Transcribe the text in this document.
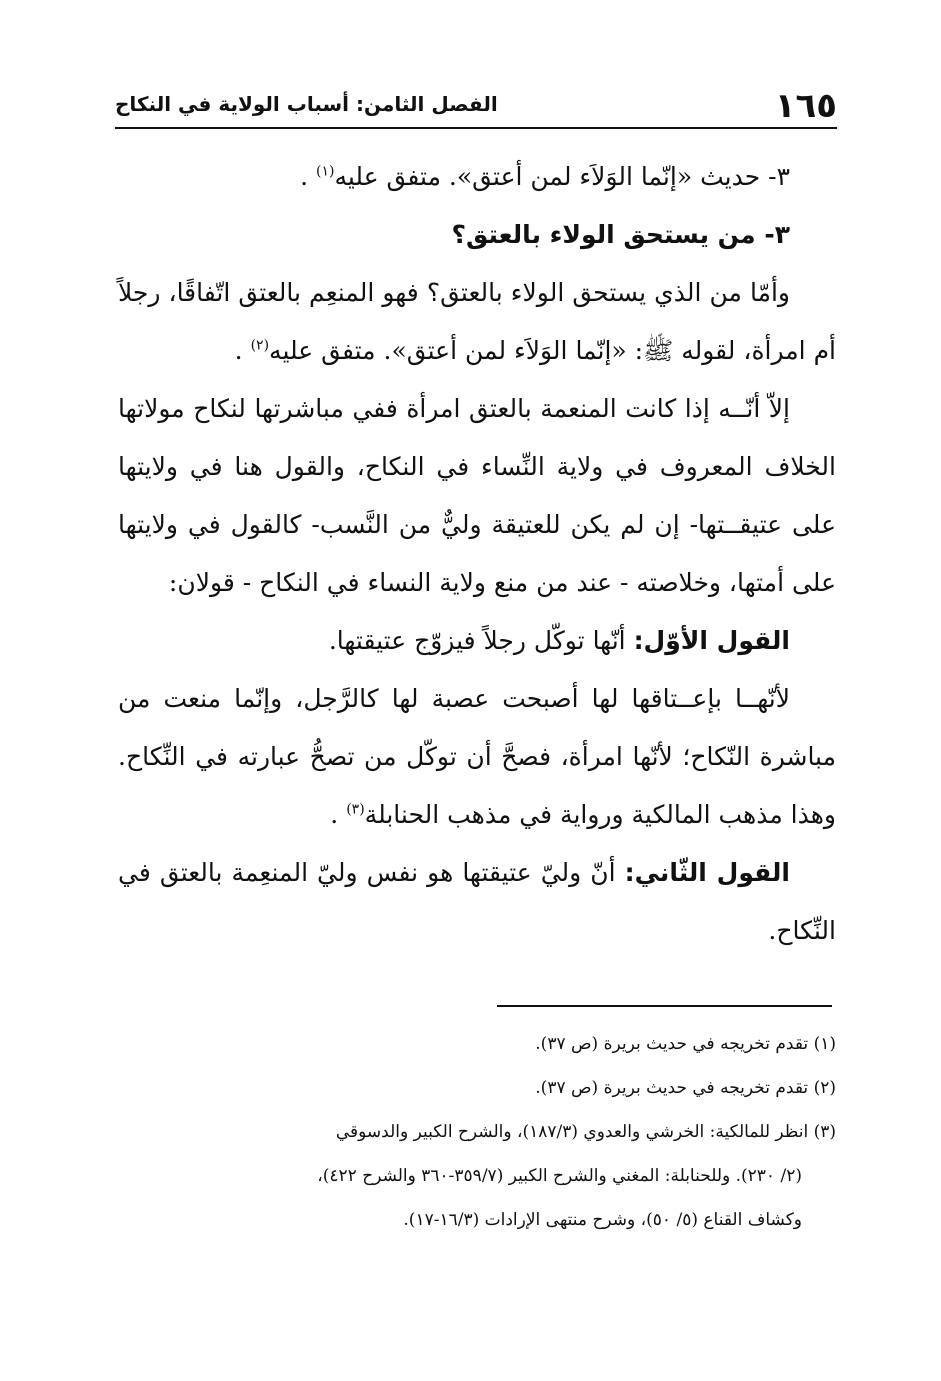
١٦٥
الفصل الثامن: أسباب الولاية في النكاح

٣- حديث «إنّما الوَلاَء لمن أعتق». متفق عليه$^{(١)}$ .

٣- من يستحق الولاء بالعتق؟

وأمّا من الذي يستحق الولاء بالعتق؟ فهو المنعِم بالعتق اتّفاقًا، رجلاً أم امرأة، لقوله ﷺ: «إنّما الوَلاَء لمن أعتق». متفق عليه$^{(٢)}$ .

إلاّ أنّــه إذا كانت المنعمة بالعتق امرأة ففي مباشرتها لنكاح مولاتها الخلاف المعروف في ولاية النِّساء في النكاح، والقول هنا في ولايتها على عتيقــتها- إن لم يكن للعتيقة وليٌّ من النَّسب- كالقول في ولايتها على أمتها، وخلاصته - عند من منع ولاية النساء في النكاح - قولان:

القول الأوّل: أنّها توكّل رجلاً فيزوّج عتيقتها.

لأنّهــا بإعــتاقها لها أصبحت عصبة لها كالرَّجل، وإنّما منعت من مباشرة النّكاح؛ لأنّها امرأة، فصحَّ أن توكّل من تصحُّ عبارته في النِّكاح. وهذا مذهب المالكية ورواية في مذهب الحنابلة$^{(٣)}$ .

القول الثّاني: أنّ وليّ عتيقتها هو نفس وليّ المنعِمة بالعتق في النِّكاح.

(١) تقدم تخريجه في حديث بريرة (ص ٣٧).

(٢) تقدم تخريجه في حديث بريرة (ص ٣٧).

(٣) انظر للمالكية: الخرشي والعدوي (١٨٧/٣)، والشرح الكبير والدسوقي

(٢/ ٢٣٠). وللحنابلة: المغني والشرح الكبير (٣٥٩/٧-٣٦٠ والشرح ٤٢٢)،

وكشاف القناع (٥/ ٥٠)، وشرح منتهى الإرادات (١٦/٣-١٧).
